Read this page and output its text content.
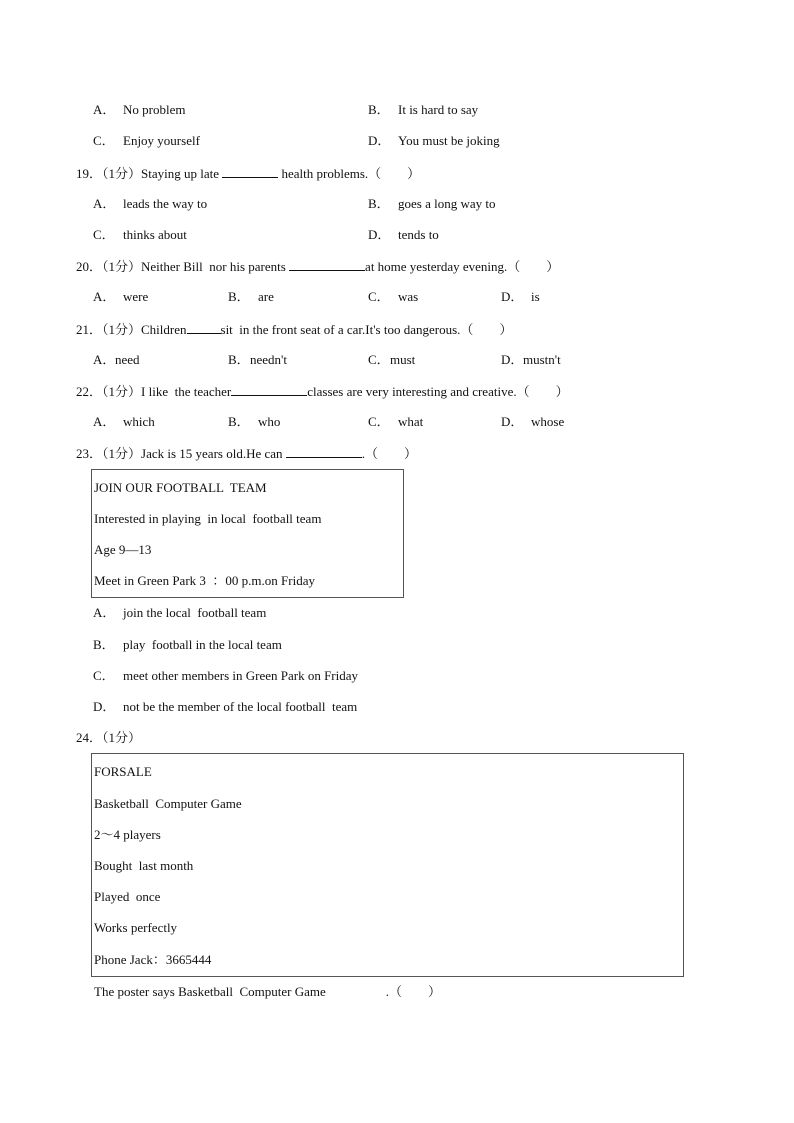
A． No problem	B． It is hard to say
C． Enjoy yourself	D． You must be joking
19．（1分）Staying up late	health problems.（　　）
A． leads the way to	B． goes a long way to
C． thinks about	D． tends to
20．（1分）Neither Bill  nor his parents	at home yesterday evening.（　　）
A． were	B． are	C． was	D． is
21．（1分）Children	sit  in the front seat of a car.It's too dangerous.（　　）
A．need	B．needn't	C．must	D．mustn't
22．（1分）I like  the teacher	classes are very interesting and creative.（　　）
A． which	B． who	C． what	D． whose
23．（1分）Jack is 15 years old.He can	.（　　）
JOIN OUR FOOTBALL  TEAM
Interested in playing  in local  football team
Age 9—13
Meet in Green Park 3  ：00 p.m.on Friday
A． join the local  football team
B． play  football in the local team
C． meet other members in Green Park on Friday
D． not be the member of the local football  team
24．（1分）
FORSALE
Basketball  Computer Game
2～4 players
Bought  last month
Played  once
Works perfectly
Phone Jack：3665444
The poster says Basketball  Computer Game	.（　　）
